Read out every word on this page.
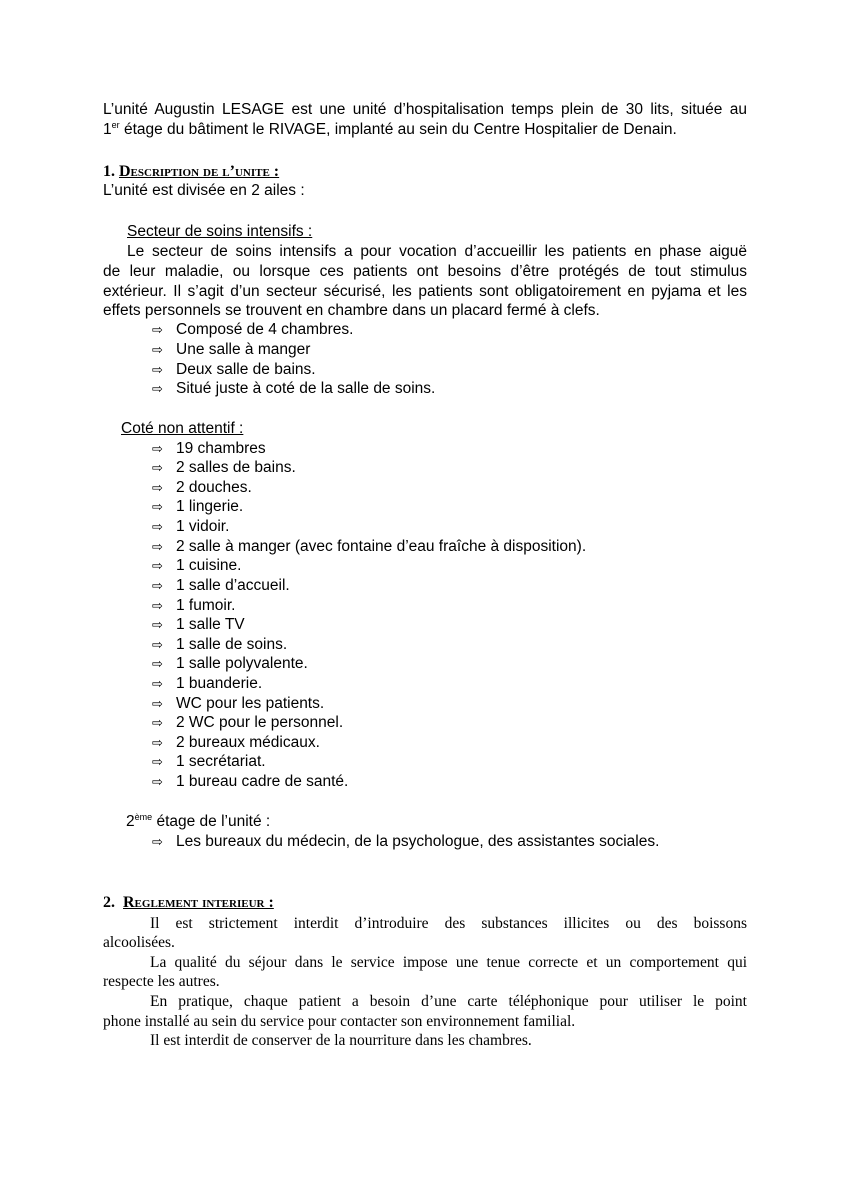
L’unité Augustin LESAGE est une unité d’hospitalisation temps plein de 30 lits, située au
1er étage du bâtiment le RIVAGE, implanté au sein du Centre Hospitalier de Denain.
1. Description de l’unite :
L’unité est divisée en 2 ailes :
Secteur de soins intensifs :
Le secteur de soins intensifs a pour vocation d’accueillir les patients en phase aiguë
de leur maladie, ou lorsque ces patients ont besoins d’être protégés de tout stimulus
extérieur. Il s’agit d’un secteur sécurisé, les patients sont obligatoirement en pyjama et les
effets personnels se trouvent en chambre dans un placard fermé à clefs.
⇨ Composé de 4 chambres.
⇨ Une salle à manger
⇨ Deux salle de bains.
⇨ Situé juste à coté de la salle de soins.
Coté non attentif :
⇨ 19 chambres
⇨ 2 salles de bains.
⇨ 2 douches.
⇨ 1 lingerie.
⇨ 1 vidoir.
⇨ 2 salle à manger (avec fontaine d’eau fraîche à disposition).
⇨ 1 cuisine.
⇨ 1 salle d’accueil.
⇨ 1 fumoir.
⇨ 1 salle TV
⇨ 1 salle de soins.
⇨ 1 salle polyvalente.
⇨ 1 buanderie.
⇨ WC pour les patients.
⇨ 2 WC pour le personnel.
⇨ 2 bureaux médicaux.
⇨ 1 secrétariat.
⇨ 1 bureau cadre de santé.
2ème étage de l’unité :
⇨ Les bureaux du médecin, de la psychologue, des assistantes sociales.
2. Reglement interieur :
Il est strictement interdit d’introduire des substances illicites ou des boissons
alcoolisées.
La qualité du séjour dans le service impose une tenue correcte et un comportement qui
respecte les autres.
En pratique, chaque patient a besoin d’une carte téléphonique pour utiliser le point
phone installé au sein du service pour contacter son environnement familial.
Il est interdit de conserver de la nourriture dans les chambres.
